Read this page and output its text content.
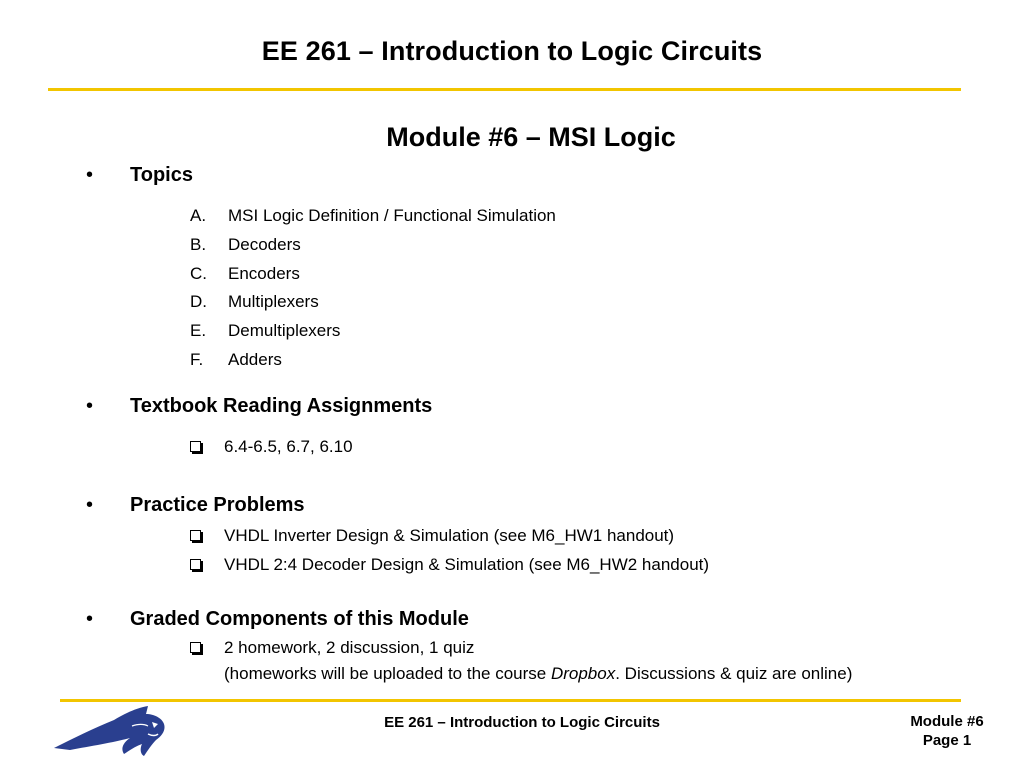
EE 261 – Introduction to Logic Circuits
Module #6 – MSI Logic
• Topics
A. MSI Logic Definition / Functional Simulation
B. Decoders
C. Encoders
D. Multiplexers
E. Demultiplexers
F. Adders
• Textbook Reading Assignments
6.4-6.5, 6.7, 6.10
• Practice Problems
VHDL Inverter Design & Simulation (see M6_HW1 handout)
VHDL 2:4 Decoder Design & Simulation (see M6_HW2 handout)
• Graded Components of this Module
2 homework, 2 discussion, 1 quiz
(homeworks will be uploaded to the course Dropbox. Discussions & quiz are online)
EE 261 – Introduction to Logic Circuits	Module #6
Page 1
